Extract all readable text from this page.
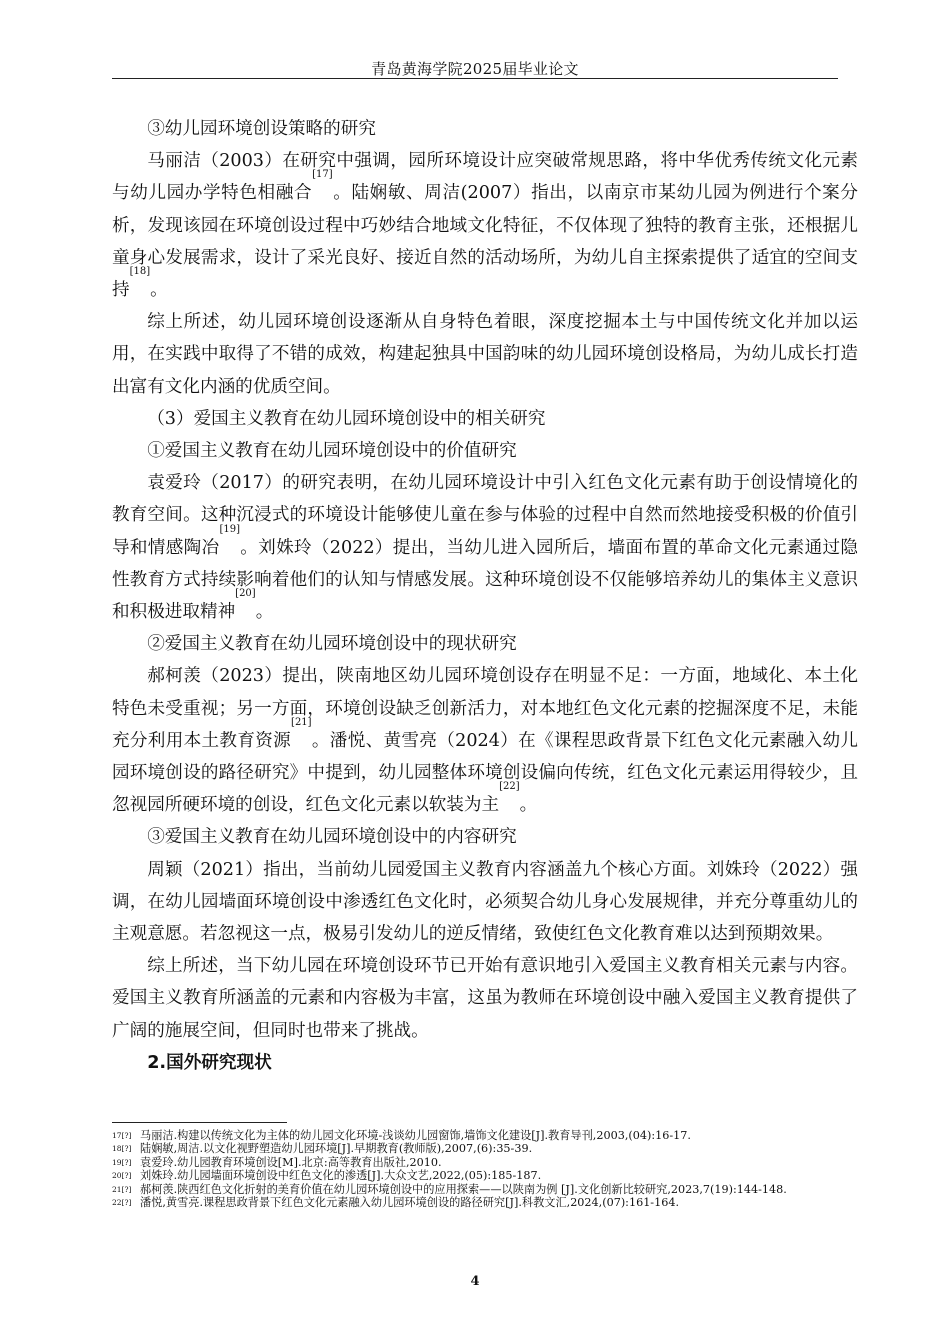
青岛黄海学院2025届毕业论文

③幼儿园环境创设策略的研究

马丽洁（2003）在研究中强调，园所环境设计应突破常规思路，将中华优秀传统文化元素与幼儿园办学特色相融合[17]。陆娴敏、周洁(2007）指出，以南京市某幼儿园为例进行个案分析，发现该园在环境创设过程中巧妙结合地域文化特征，不仅体现了独特的教育主张，还根据儿童身心发展需求，设计了采光良好、接近自然的活动场所，为幼儿自主探索提供了适宜的空间支持[18]。

综上所述，幼儿园环境创设逐渐从自身特色着眼，深度挖掘本土与中国传统文化并加以运用，在实践中取得了不错的成效，构建起独具中国韵味的幼儿园环境创设格局，为幼儿成长打造出富有文化内涵的优质空间。

（3）爱国主义教育在幼儿园环境创设中的相关研究

①爱国主义教育在幼儿园环境创设中的价值研究

袁爱玲（2017）的研究表明，在幼儿园环境设计中引入红色文化元素有助于创设情境化的教育空间。这种沉浸式的环境设计能够使儿童在参与体验的过程中自然而然地接受积极的价值引导和情感陶冶[19]。刘姝玲（2022）提出，当幼儿进入园所后，墙面布置的革命文化元素通过隐性教育方式持续影响着他们的认知与情感发展。这种环境创设不仅能够培养幼儿的集体主义意识和积极进取精神[20]。

②爱国主义教育在幼儿园环境创设中的现状研究

郝柯羡（2023）提出，陕南地区幼儿园环境创设存在明显不足：一方面，地域化、本土化特色未受重视；另一方面，环境创设缺乏创新活力，对本地红色文化元素的挖掘深度不足，未能充分利用本土教育资源[21]。潘悦、黄雪亮（2024）在《课程思政背景下红色文化元素融入幼儿园环境创设的路径研究》中提到，幼儿园整体环境创设偏向传统，红色文化元素运用得较少，且忽视园所硬环境的创设，红色文化元素以软装为主[22]。

③爱国主义教育在幼儿园环境创设中的内容研究

周颖（2021）指出，当前幼儿园爱国主义教育内容涵盖九个核心方面。刘姝玲（2022）强调，在幼儿园墙面环境创设中渗透红色文化时，必须契合幼儿身心发展规律，并充分尊重幼儿的主观意愿。若忽视这一点，极易引发幼儿的逆反情绪，致使红色文化教育难以达到预期效果。

综上所述，当下幼儿园在环境创设环节已开始有意识地引入爱国主义教育相关元素与内容。爱国主义教育所涵盖的元素和内容极为丰富，这虽为教师在环境创设中融入爱国主义教育提供了广阔的施展空间，但同时也带来了挑战。

2.国外研究现状

17[?] 马丽洁.构建以传统文化为主体的幼儿园文化环境-浅谈幼儿园窗饰,墙饰文化建设[J].教育导刊,2003,(04):16-17.
18[?] 陆娴敏,周洁.以文化视野塑造幼儿园环境[J].早期教育(教师版),2007,(6):35-39.
19[?] 袁爱玲.幼儿园教育环境创设[M].北京:高等教育出版社,2010.
20[?] 刘姝玲.幼儿园墙面环境创设中红色文化的渗透[J].大众文艺,2022,(05):185-187.
21[?] 郝柯羡.陕西红色文化折射的美育价值在幼儿园环境创设中的应用探索——以陕南为例 [J].文化创新比较研究,2023,7(19):144-148.
22[?] 潘悦,黄雪亮.课程思政背景下红色文化元素融入幼儿园环境创设的路径研究[J].科教文汇,2024,(07):161-164.
4
